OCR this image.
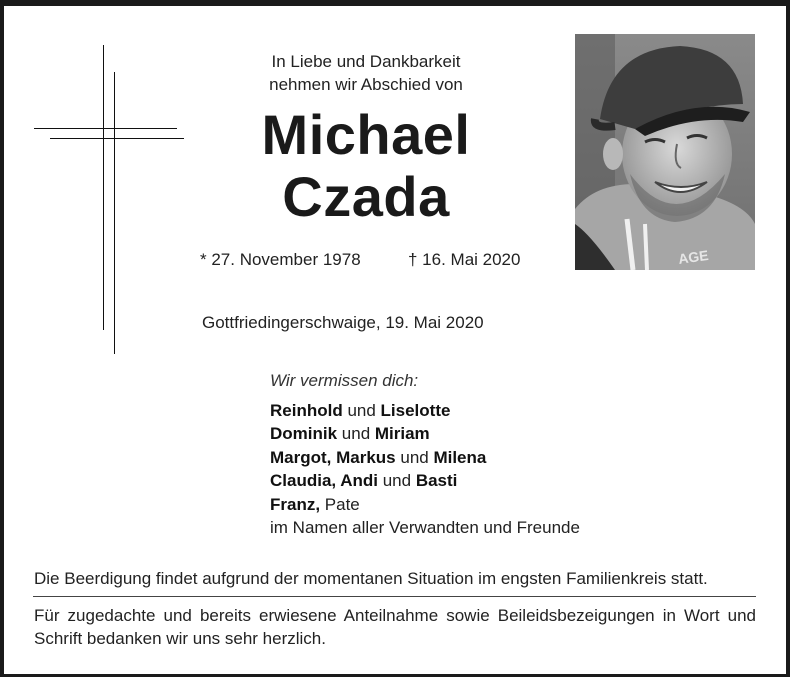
In Liebe und Dankbarkeit
nehmen wir Abschied von
Michael
Czada
* 27. November 1978	† 16. Mai 2020
Gottfriedingerschwaige, 19. Mai 2020
AGE
Wir vermissen dich:
Reinhold und Liselotte
Dominik und Miriam
Margot, Markus und Milena
Claudia, Andi und Basti
Franz, Pate
im Namen aller Verwandten und Freunde
Die Beerdigung findet aufgrund der momentanen Situation im engsten Familienkreis statt.
Für zugedachte und bereits erwiesene Anteilnahme sowie Beileidsbezeigungen in Wort und Schrift bedanken wir uns sehr herzlich.
